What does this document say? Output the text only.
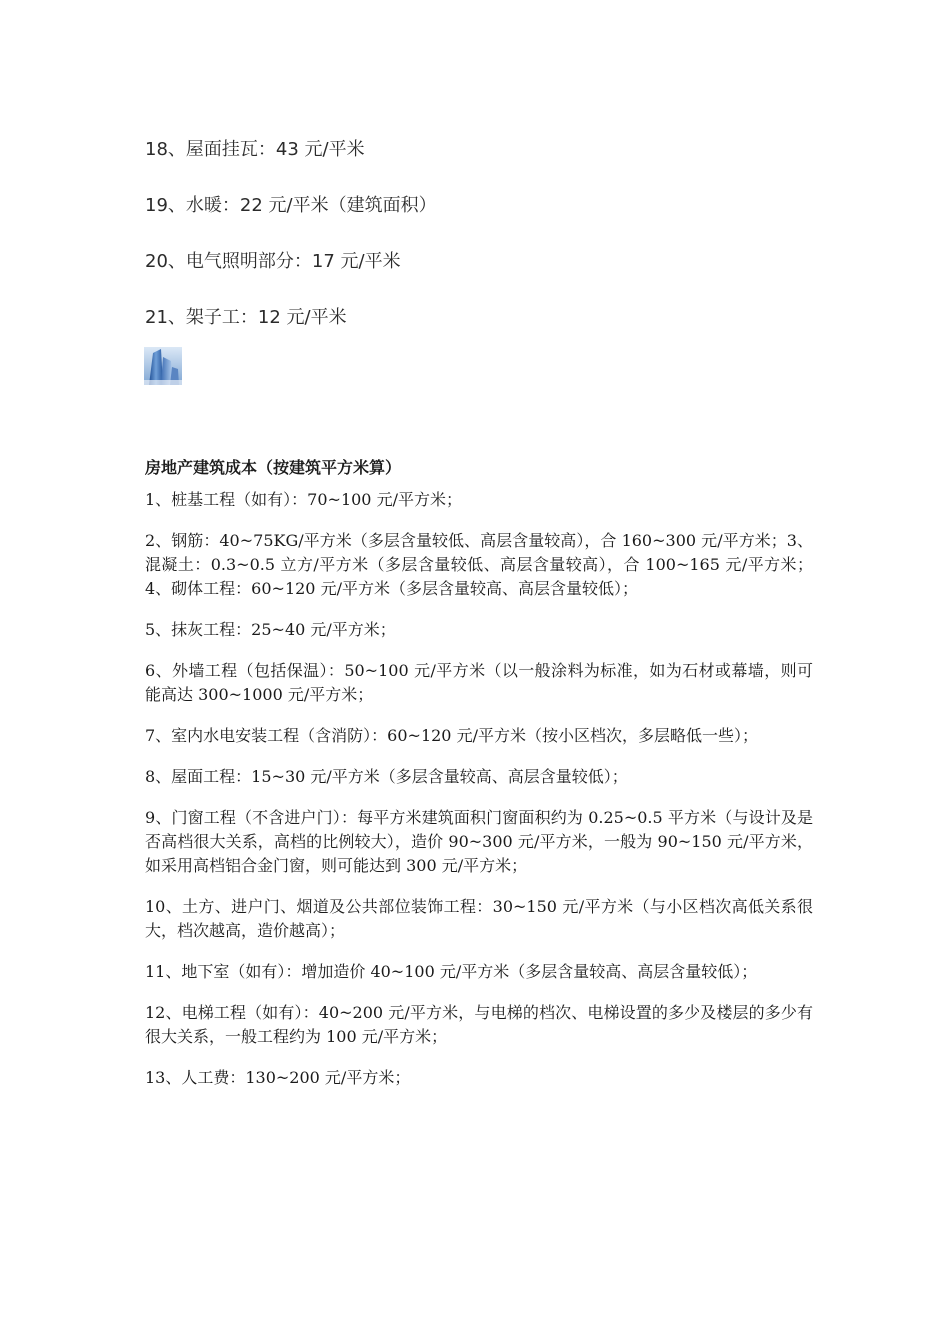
18、屋面挂瓦：43 元/平米
19、水暖：22 元/平米（建筑面积）
20、电气照明部分：17 元/平米
21、架子工：12 元/平米
房地产建筑成本（按建筑平方米算）

1、桩基工程（如有）：70~100 元/平方米；

2、钢筋：40~75KG/平方米（多层含量较低、高层含量较高），合 160~300 元/平方米；3、混凝土：0.3~0.5 立方/平方米（多层含量较低、高层含量较高），合 100~165 元/平方米；4、砌体工程：60~120 元/平方米（多层含量较高、高层含量较低）；

5、抹灰工程：25~40 元/平方米；

6、外墙工程（包括保温）：50~100 元/平方米（以一般涂料为标准，如为石材或幕墙，则可能高达 300~1000 元/平方米；

7、室内水电安装工程（含消防）：60~120 元/平方米（按小区档次，多层略低一些）；

8、屋面工程：15~30 元/平方米（多层含量较高、高层含量较低）；

9、门窗工程（不含进户门）：每平方米建筑面积门窗面积约为 0.25~0.5 平方米（与设计及是否高档很大关系，高档的比例较大），造价 90~300 元/平方米，一般为 90~150 元/平方米，如采用高档铝合金门窗，则可能达到 300 元/平方米；

10、土方、进户门、烟道及公共部位装饰工程：30~150 元/平方米（与小区档次高低关系很大，档次越高，造价越高）；

11、地下室（如有）：增加造价 40~100 元/平方米（多层含量较高、高层含量较低）；

12、电梯工程（如有）：40~200 元/平方米，与电梯的档次、电梯设置的多少及楼层的多少有很大关系，一般工程约为 100 元/平方米；

13、人工费：130~200 元/平方米；
